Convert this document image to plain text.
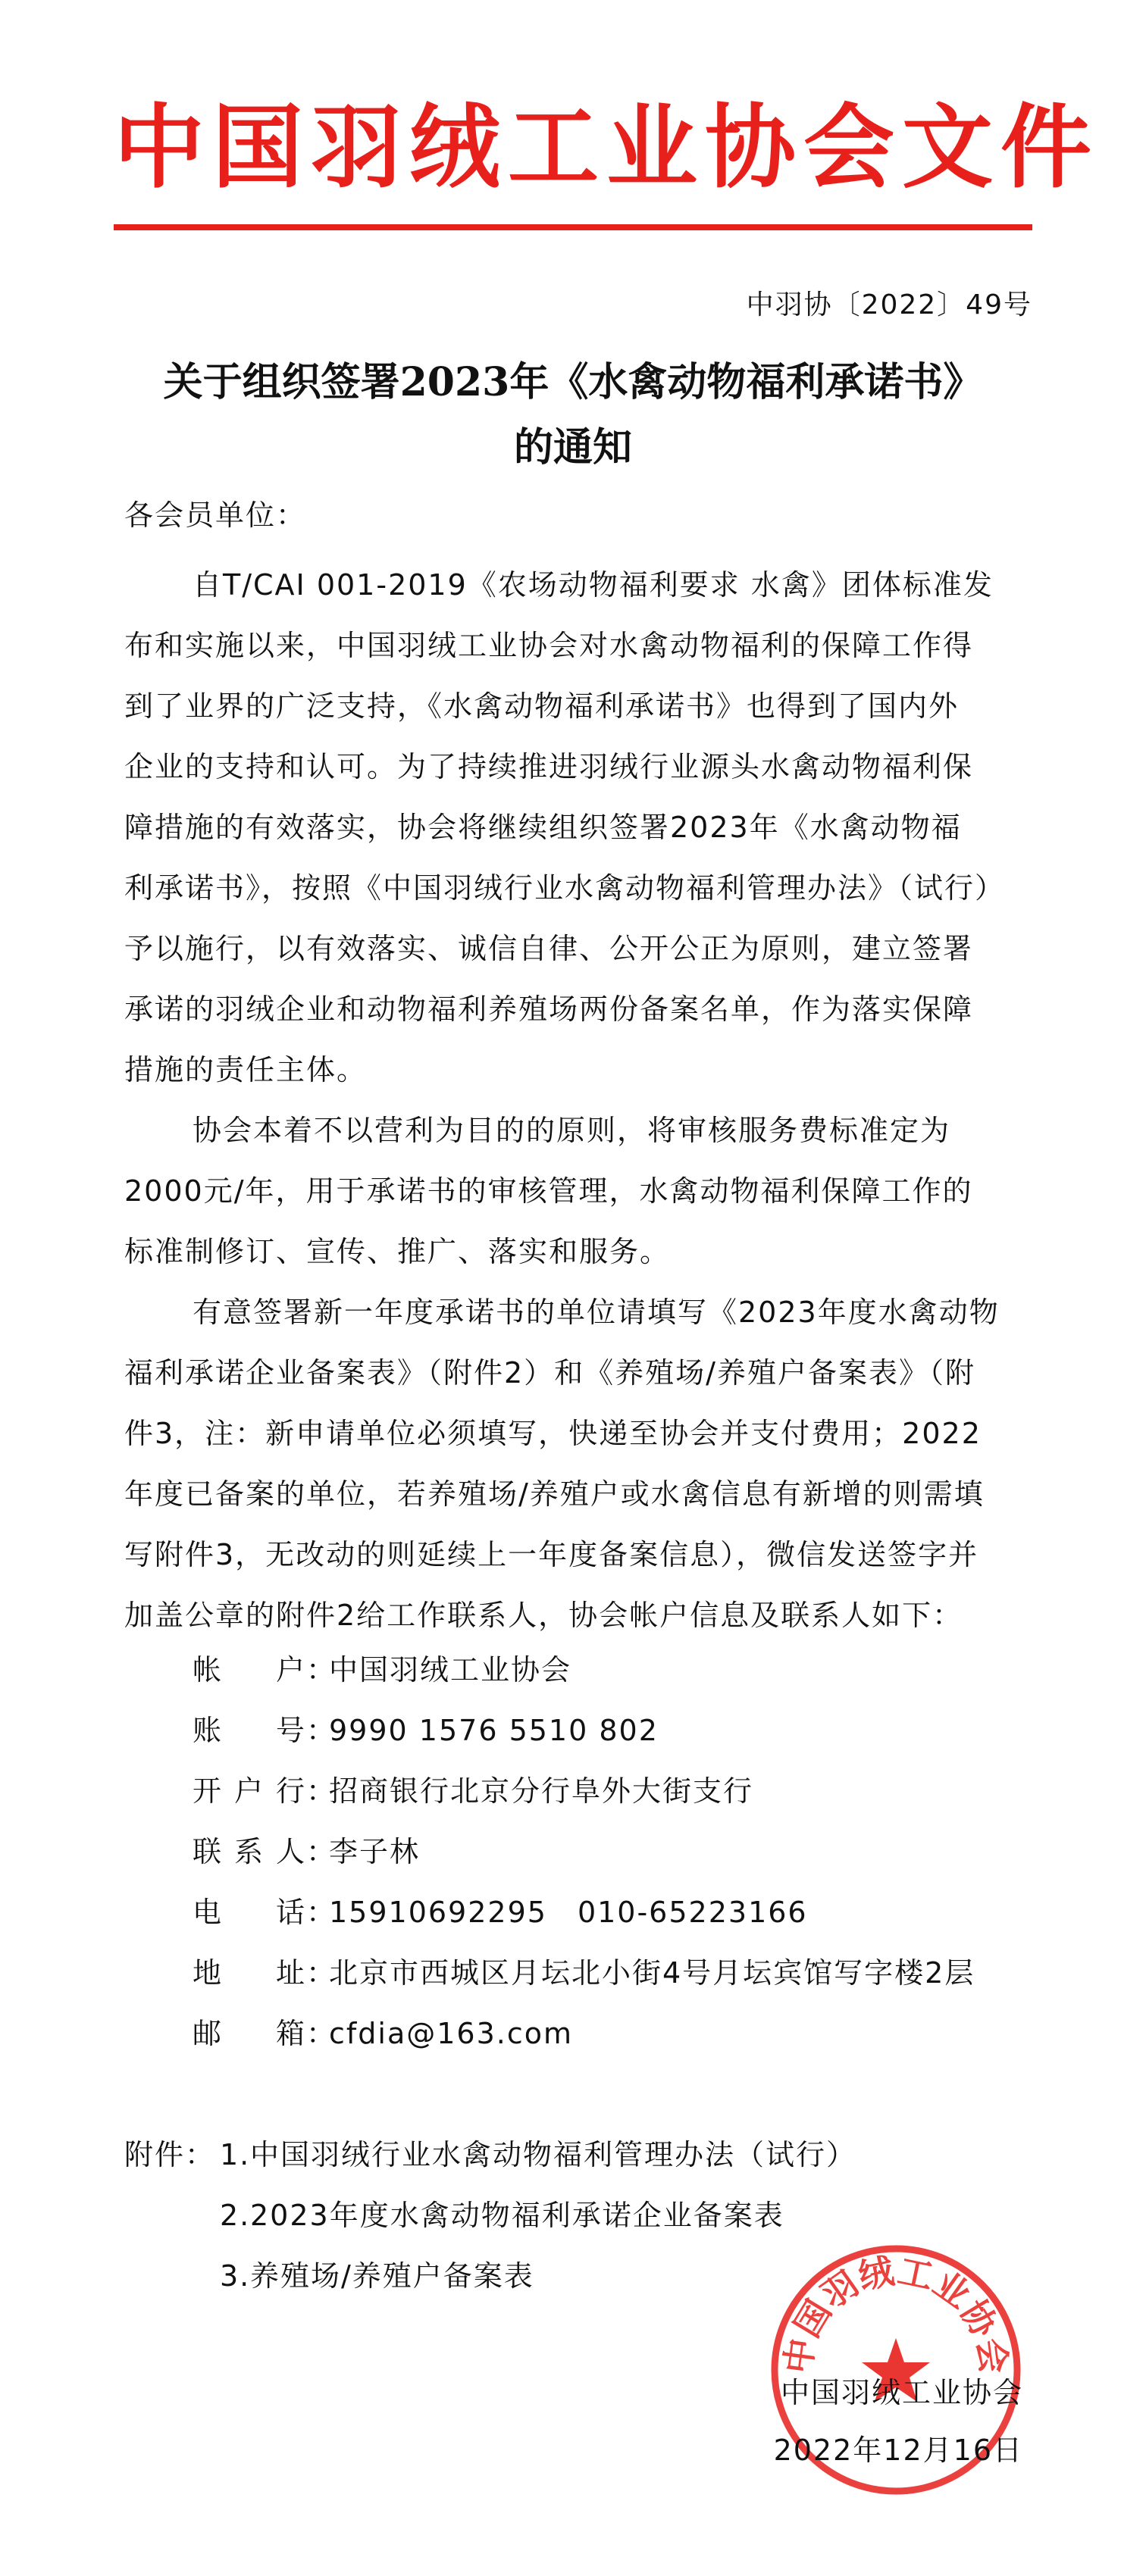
中国羽绒工业协会文件
中羽协〔2022〕49号
关于组织签署2023年《水禽动物福利承诺书》
的通知
各会员单位：
自T/CAI 001-2019《农场动物福利要求 水禽》团体标准发
布和实施以来，中国羽绒工业协会对水禽动物福利的保障工作得
到了业界的广泛支持，《水禽动物福利承诺书》也得到了国内外
企业的支持和认可。为了持续推进羽绒行业源头水禽动物福利保
障措施的有效落实，协会将继续组织签署2023年《水禽动物福
利承诺书》，按照《中国羽绒行业水禽动物福利管理办法》（试行）
予以施行，以有效落实、诚信自律、公开公正为原则，建立签署
承诺的羽绒企业和动物福利养殖场两份备案名单，作为落实保障
措施的责任主体。
协会本着不以营利为目的的原则，将审核服务费标准定为
2000元/年，用于承诺书的审核管理，水禽动物福利保障工作的
标准制修订、宣传、推广、落实和服务。
有意签署新一年度承诺书的单位请填写《2023年度水禽动物
福利承诺企业备案表》（附件2）和《养殖场/养殖户备案表》（附
件3，注：新申请单位必须填写，快递至协会并支付费用；2022
年度已备案的单位，若养殖场/养殖户或水禽信息有新增的则需填
写附件3，无改动的则延续上一年度备案信息），微信发送签字并
加盖公章的附件2给工作联系人，协会帐户信息及联系人如下：
帐户 ：
中国羽绒工业协会
账号 ：
9990 1576 5510 802
开户行 ：
招商银行北京分行阜外大街支行
联系人 ：
李子林
电话 ：
15910692295　010-65223166
地址 ：
北京市西城区月坛北小街4号月坛宾馆写字楼2层
邮箱 ：
cfdia@163.com
附件： 1. 中国羽绒行业水禽动物福利管理办法（试行）
2. 2023年度水禽动物福利承诺企业备案表
3. 养殖场/养殖户备案表
中国羽绒工业协会
中国羽绒工业协会
2022年12月16日
